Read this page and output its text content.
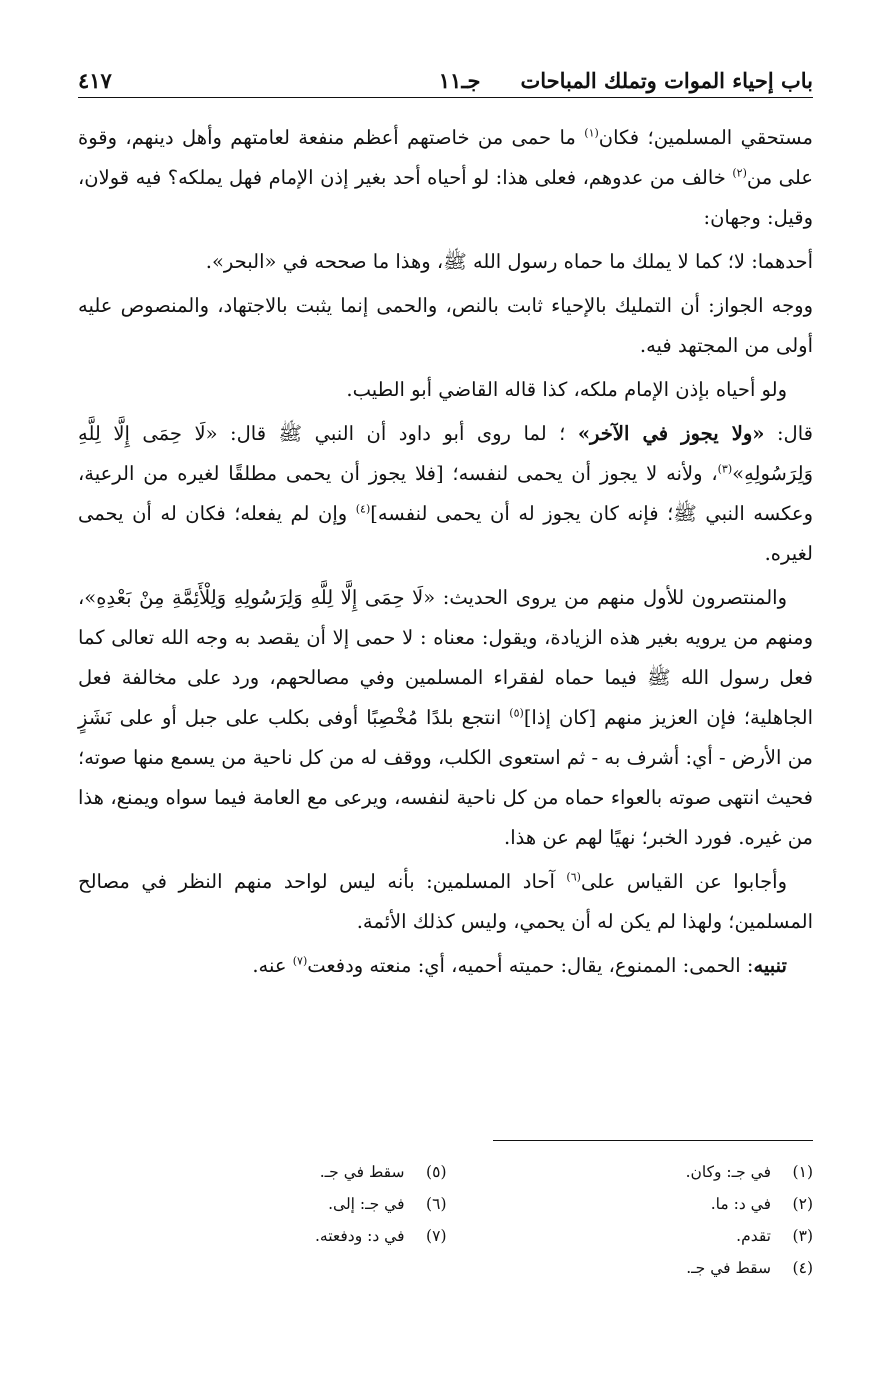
باب إحياء الموات وتملك المباحات
جـ١١
٤١٧

مستحقي المسلمين؛ فكان$^{(١)}$ ما حمى من خاصتهم أعظم منفعة لعامتهم وأهل دينهم، وقوة على من$^{(٢)}$ خالف من عدوهم، فعلى هذا: لو أحياه أحد بغير إذن الإمام فهل يملكه؟ فيه قولان، وقيل: وجهان:

أحدهما: لا؛ كما لا يملك ما حماه رسول الله ﷺ، وهذا ما صححه في «البحر».

ووجه الجواز: أن التمليك بالإحياء ثابت بالنص، والحمى إنما يثبت بالاجتهاد، والمنصوص عليه أولى من المجتهد فيه.

ولو أحياه بإذن الإمام ملكه، كذا قاله القاضي أبو الطيب.

قال: «ولا يجوز في الآخر» ؛ لما روى أبو داود أن النبي ﷺ قال: «لَا حِمَى إِلَّا لِلَّهِ وَلِرَسُولِهِ»$^{(٣)}$، ولأنه لا يجوز أن يحمى لنفسه؛ [فلا يجوز أن يحمى مطلقًا لغيره من الرعية، وعكسه النبي ﷺ؛ فإنه كان يجوز له أن يحمى لنفسه]$^{(٤)}$ وإن لم يفعله؛ فكان له أن يحمى لغيره.

والمنتصرون للأول منهم من يروى الحديث: «لَا حِمَى إِلَّا لِلَّهِ وَلِرَسُولِهِ وَلِلْأَئِمَّةِ مِنْ بَعْدِهِ»، ومنهم من يرويه بغير هذه الزيادة، ويقول: معناه : لا حمى إلا أن يقصد به وجه الله تعالى كما فعل رسول الله ﷺ فيما حماه لفقراء المسلمين وفي مصالحهم، ورد على مخالفة فعل الجاهلية؛ فإن العزيز منهم [كان إذا]$^{(٥)}$ انتجع بلدًا مُخْصِبًا أوفى بكلب على جبل أو على نَشَزٍ من الأرض - أي: أشرف به - ثم استعوى الكلب، ووقف له من كل ناحية من يسمع منها صوته؛ فحيث انتهى صوته بالعواء حماه من كل ناحية لنفسه، ويرعى مع العامة فيما سواه ويمنع، هذا من غيره. فورد الخبر؛ نهيًا لهم عن هذا.

وأجابوا عن القياس على$^{(٦)}$ آحاد المسلمين: بأنه ليس لواحد منهم النظر في مصالح المسلمين؛ ولهذا لم يكن له أن يحمي، وليس كذلك الأئمة.

تنبيه: الحمى: الممنوع، يقال: حميته أحميه، أي: منعته ودفعت$^{(٧)}$ عنه.

(١)
في جـ: وكان.
(٢)
في د: ما.
(٣)
تقدم.
(٤)
سقط في جـ.
(٥)
سقط في جـ.
(٦)
في جـ: إلى.
(٧)
في د: ودفعته.
